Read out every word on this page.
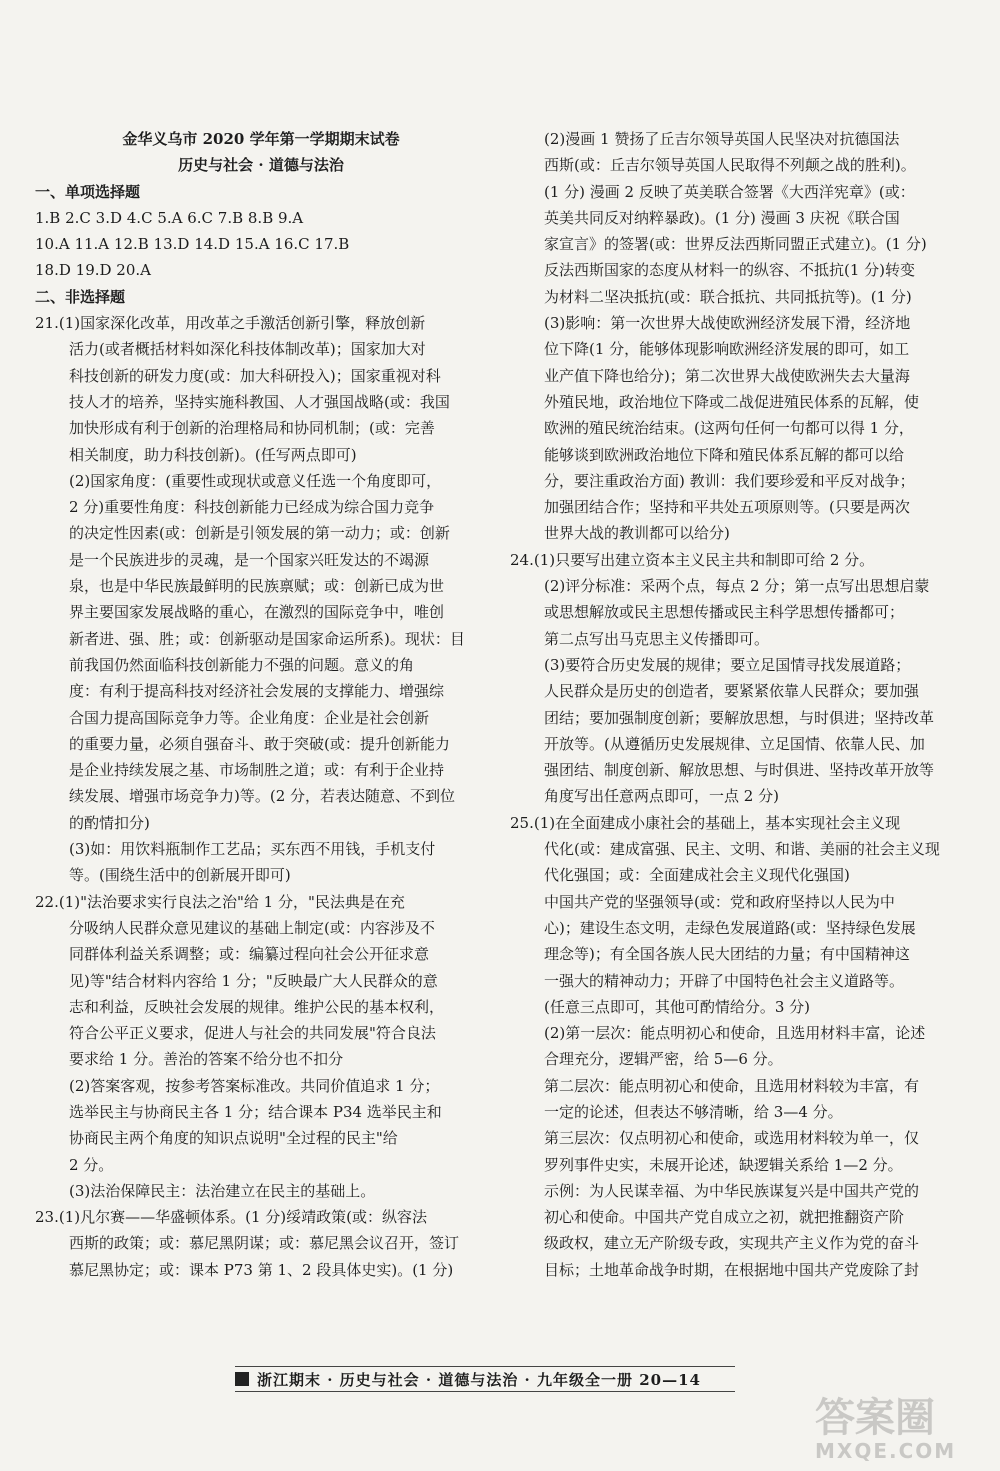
金华义乌市 2020 学年第一学期期末试卷
历史与社会 · 道德与法治
一、单项选择题
1.B 2.C 3.D 4.C 5.A 6.C 7.B 8.B 9.A
10.A 11.A 12.B 13.D 14.D 15.A 16.C 17.B
18.D 19.D 20.A
二、非选择题
21.(1)国家深化改革，用改革之手激活创新引擎，释放创新
活力(或者概括材料如深化科技体制改革)；国家加大对
科技创新的研发力度(或：加大科研投入)；国家重视对科
技人才的培养，坚持实施科教国、人才强国战略(或：我国
加快形成有利于创新的治理格局和协同机制；(或：完善
相关制度，助力科技创新)。(任写两点即可)
(2)国家角度：(重要性或现状或意义任选一个角度即可，
2 分)重要性角度：科技创新能力已经成为综合国力竞争
的决定性因素(或：创新是引领发展的第一动力；或：创新
是一个民族进步的灵魂，是一个国家兴旺发达的不竭源
泉，也是中华民族最鲜明的民族禀赋；或：创新已成为世
界主要国家发展战略的重心，在激烈的国际竞争中，唯创
新者进、强、胜；或：创新驱动是国家命运所系)。现状：目
前我国仍然面临科技创新能力不强的问题。意义的角
度：有利于提高科技对经济社会发展的支撑能力、增强综
合国力提高国际竞争力等。企业角度：企业是社会创新
的重要力量，必须自强奋斗、敢于突破(或：提升创新能力
是企业持续发展之基、市场制胜之道；或：有利于企业持
续发展、增强市场竞争力)等。(2 分，若表达随意、不到位
的酌情扣分)
(3)如：用饮料瓶制作工艺品；买东西不用钱，手机支付
等。(围绕生活中的创新展开即可)
22.(1)"法治要求实行良法之治"给 1 分，"民法典是在充
分吸纳人民群众意见建议的基础上制定(或：内容涉及不
同群体利益关系调整；或：编纂过程向社会公开征求意
见)等"结合材料内容给 1 分；"反映最广大人民群众的意
志和利益，反映社会发展的规律。维护公民的基本权利，
符合公平正义要求，促进人与社会的共同发展"符合良法
要求给 1 分。善治的答案不给分也不扣分
(2)答案客观，按参考答案标准改。共同价值追求 1 分；
选举民主与协商民主各 1 分；结合课本 P34 选举民主和
协商民主两个角度的知识点说明"全过程的民主"给
2 分。
(3)法治保障民主：法治建立在民主的基础上。
23.(1)凡尔赛——华盛顿体系。(1 分)绥靖政策(或：纵容法
西斯的政策；或：慕尼黑阴谋；或：慕尼黑会议召开，签订
慕尼黑协定；或：课本 P73 第 1、2 段具体史实)。(1 分)
(2)漫画 1 赞扬了丘吉尔领导英国人民坚决对抗德国法
西斯(或：丘吉尔领导英国人民取得不列颠之战的胜利)。
(1 分) 漫画 2 反映了英美联合签署《大西洋宪章》(或：
英美共同反对纳粹暴政)。(1 分) 漫画 3 庆祝《联合国
家宣言》的签署(或：世界反法西斯同盟正式建立)。(1 分)
反法西斯国家的态度从材料一的纵容、不抵抗(1 分)转变
为材料二坚决抵抗(或：联合抵抗、共同抵抗等)。(1 分)
(3)影响：第一次世界大战使欧洲经济发展下滑，经济地
位下降(1 分，能够体现影响欧洲经济发展的即可，如工
业产值下降也给分)；第二次世界大战使欧洲失去大量海
外殖民地，政治地位下降或二战促进殖民体系的瓦解，使
欧洲的殖民统治结束。(这两句任何一句都可以得 1 分，
能够谈到欧洲政治地位下降和殖民体系瓦解的都可以给
分，要注重政治方面) 教训：我们要珍爱和平反对战争；
加强团结合作；坚持和平共处五项原则等。(只要是两次
世界大战的教训都可以给分)
24.(1)只要写出建立资本主义民主共和制即可给 2 分。
(2)评分标准：采两个点，每点 2 分；第一点写出思想启蒙
或思想解放或民主思想传播或民主科学思想传播都可；
第二点写出马克思主义传播即可。
(3)要符合历史发展的规律；要立足国情寻找发展道路；
人民群众是历史的创造者，要紧紧依靠人民群众；要加强
团结；要加强制度创新；要解放思想，与时俱进；坚持改革
开放等。(从遵循历史发展规律、立足国情、依靠人民、加
强团结、制度创新、解放思想、与时俱进、坚持改革开放等
角度写出任意两点即可，一点 2 分)
25.(1)在全面建成小康社会的基础上，基本实现社会主义现
代化(或：建成富强、民主、文明、和谐、美丽的社会主义现
代化强国；或：全面建成社会主义现代化强国)
中国共产党的坚强领导(或：党和政府坚持以人民为中
心)；建设生态文明，走绿色发展道路(或：坚持绿色发展
理念等)；有全国各族人民大团结的力量；有中国精神这
一强大的精神动力；开辟了中国特色社会主义道路等。
(任意三点即可，其他可酌情给分。3 分)
(2)第一层次：能点明初心和使命，且选用材料丰富，论述
合理充分，逻辑严密，给 5—6 分。
第二层次：能点明初心和使命，且选用材料较为丰富，有
一定的论述，但表达不够清晰，给 3—4 分。
第三层次：仅点明初心和使命，或选用材料较为单一，仅
罗列事件史实，未展开论述，缺逻辑关系给 1—2 分。
示例：为人民谋幸福、为中华民族谋复兴是中国共产党的
初心和使命。中国共产党自成立之初，就把推翻资产阶
级政权，建立无产阶级专政，实现共产主义作为党的奋斗
目标；土地革命战争时期，在根据地中国共产党废除了封
浙江期末 · 历史与社会 · 道德与法治 · 九年级全一册 20—14
答案圈
MXQE.COM
